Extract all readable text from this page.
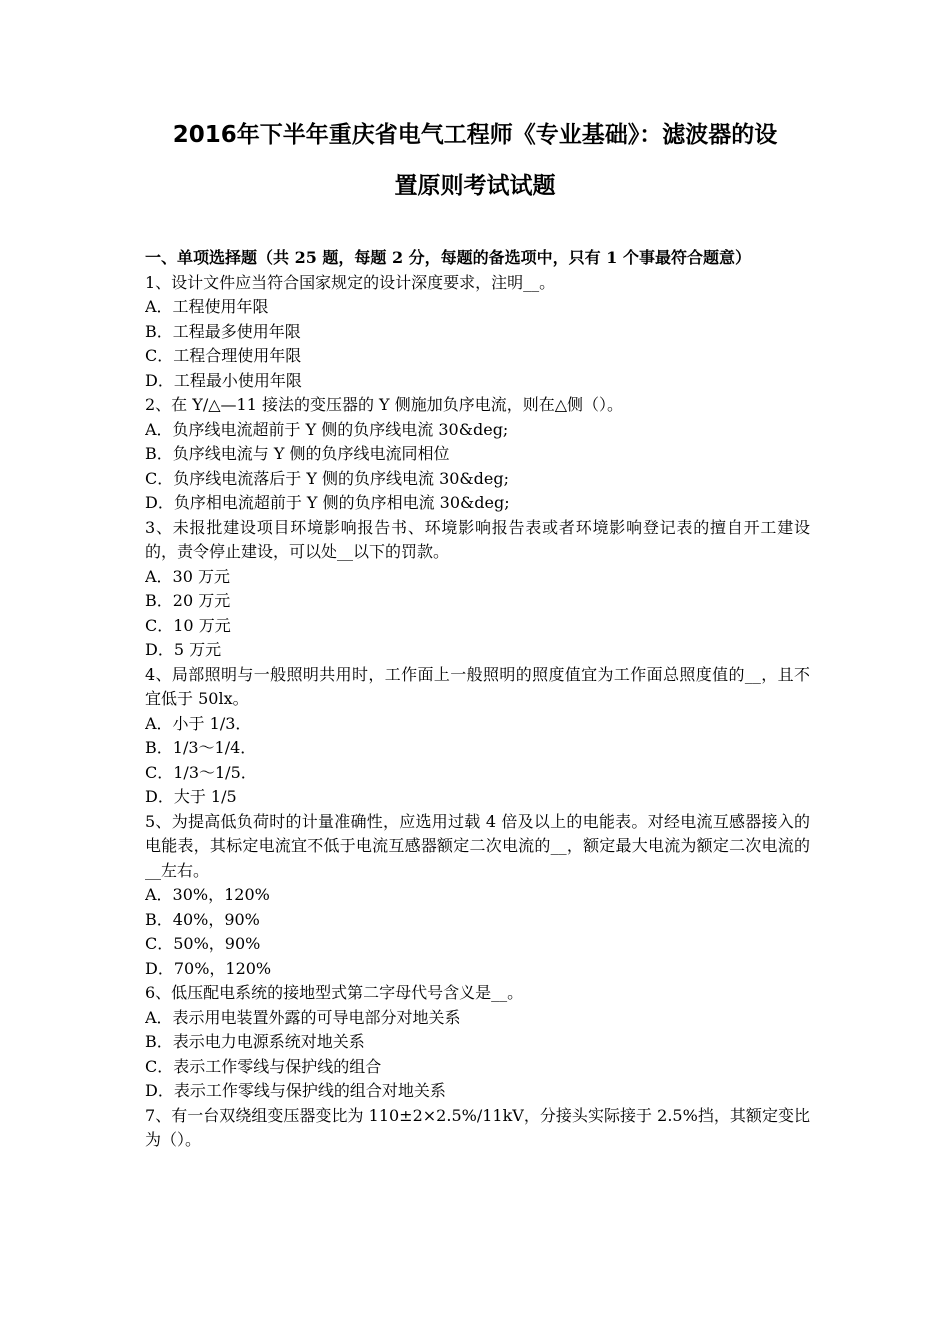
2016年下半年重庆省电气工程师《专业基础》：滤波器的设
置原则考试试题

一、单项选择题（共 25 题，每题 2 分，每题的备选项中，只有 1 个事最符合题意）

1、设计文件应当符合国家规定的设计深度要求，注明__。

A．工程使用年限

B．工程最多使用年限

C．工程合理使用年限

D．工程最小使用年限

2、在 Y/△—11 接法的变压器的 Y 侧施加负序电流，则在△侧（）。

A．负序线电流超前于 Y 侧的负序线电流 30&deg;

B．负序线电流与 Y 侧的负序线电流同相位

C．负序线电流落后于 Y 侧的负序线电流 30&deg;

D．负序相电流超前于 Y 侧的负序相电流 30&deg;

3、未报批建设项目环境影响报告书、环境影响报告表或者环境影响登记表的擅自开工建设的，责令停止建设，可以处__以下的罚款。

A．30 万元

B．20 万元

C．10 万元

D．5 万元

4、局部照明与一般照明共用时，工作面上一般照明的照度值宜为工作面总照度值的__，且不宜低于 50lx。

A．小于 1/3．

B．1/3～1/4．

C．1/3～1/5．

D．大于 1/5

5、为提高低负荷时的计量准确性，应选用过载 4 倍及以上的电能表。对经电流互感器接入的电能表，其标定电流宜不低于电流互感器额定二次电流的__，额定最大电流为额定二次电流的__左右。

A．30%，120%

B．40%，90%

C．50%，90%

D．70%，120%

6、低压配电系统的接地型式第二字母代号含义是__。

A．表示用电装置外露的可导电部分对地关系

B．表示电力电源系统对地关系

C．表示工作零线与保护线的组合

D．表示工作零线与保护线的组合对地关系

7、有一台双绕组变压器变比为 110±2×2.5%/11kV，分接头实际接于 2.5%挡，其额定变比为（）。
